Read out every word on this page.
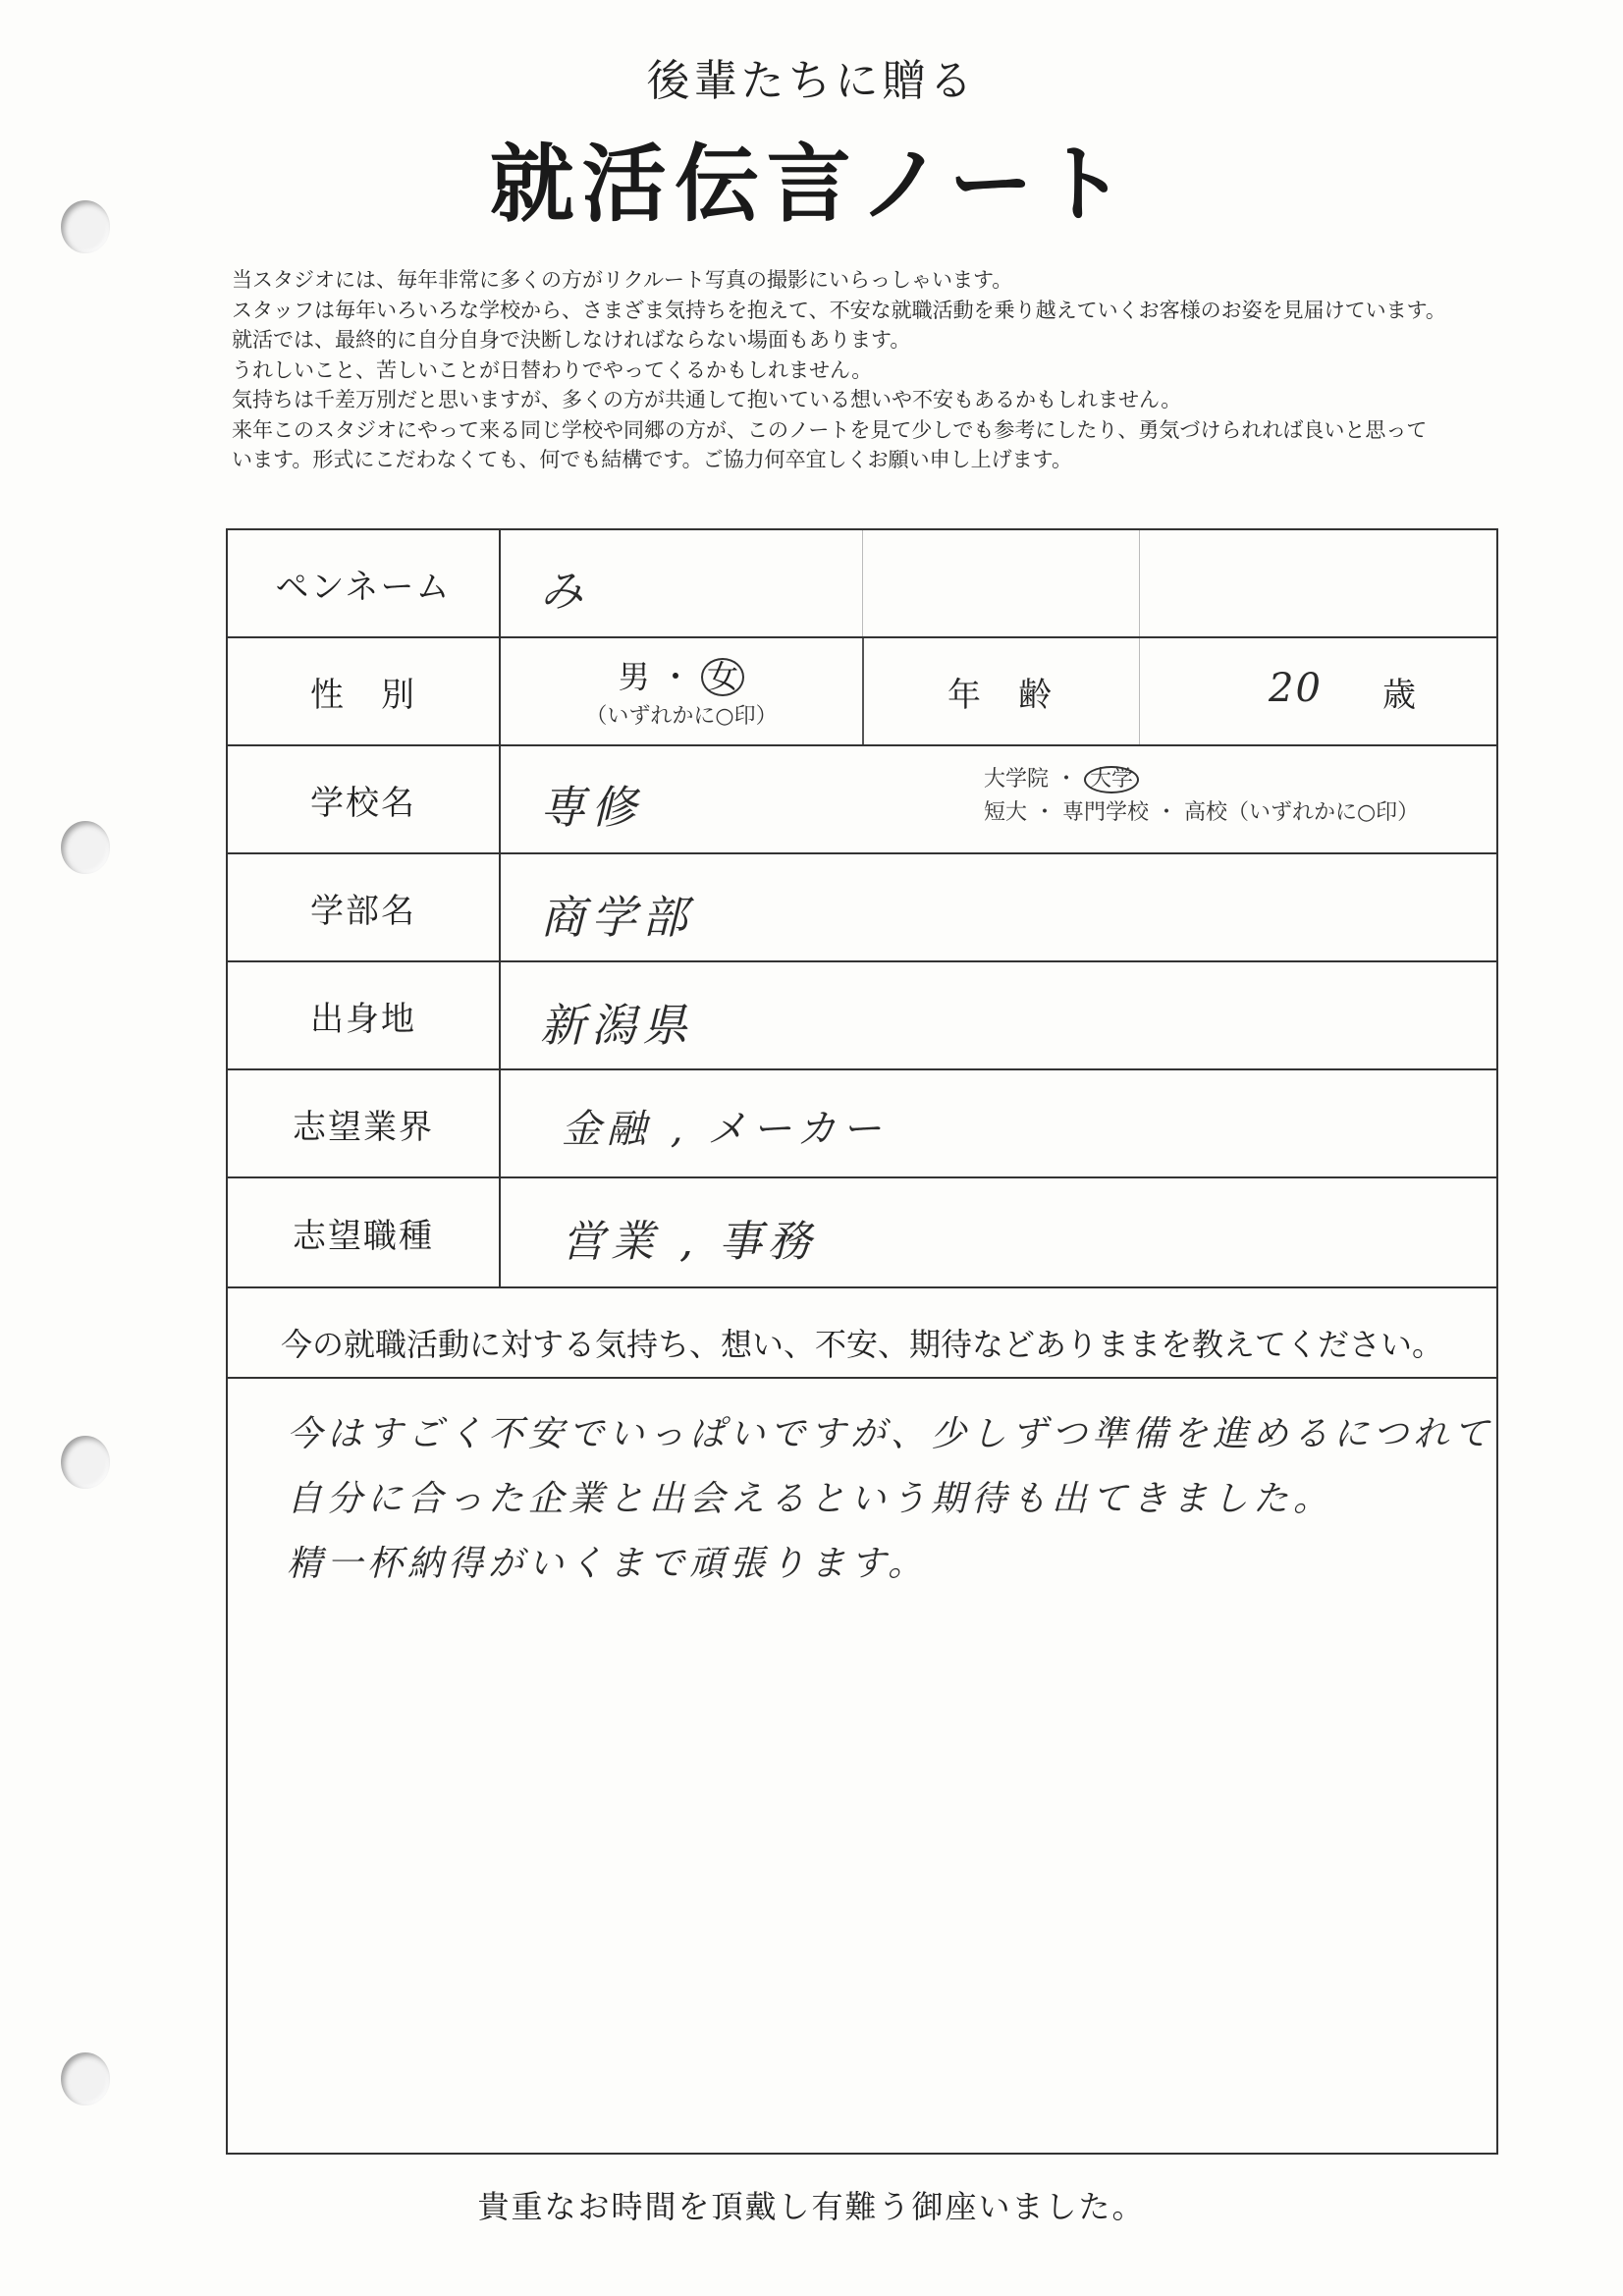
後輩たちに贈る
就活伝言ノート
当スタジオには、毎年非常に多くの方がリクルート写真の撮影にいらっしゃいます。
スタッフは毎年いろいろな学校から、さまざま気持ちを抱えて、不安な就職活動を乗り越えていくお客様のお姿を見届けています。
就活では、最終的に自分自身で決断しなければならない場面もあります。
うれしいこと、苦しいことが日替わりでやってくるかもしれません。
気持ちは千差万別だと思いますが、多くの方が共通して抱いている想いや不安もあるかもしれません。
来年このスタジオにやって来る同じ学校や同郷の方が、このノートを見て少しでも参考にしたり、勇気づけられれば良いと思って
います。形式にこだわなくても、何でも結構です。ご協力何卒宜しくお願い申し上げます。
ペンネーム	み
性　別	男 ・ 女
（いずれかに○印）
年　齢	20 歳
学校名	専修
大学院 ・ 大学
短大 ・ 専門学校 ・ 高校（いずれかに○印）
学部名	商学部
出身地	新潟県
志望業界	金融 , メーカー
志望職種	営業 , 事務
今の就職活動に対する気持ち、想い、不安、期待などありままを教えてください。
今はすごく不安でいっぱいですが、少しずつ準備を進めるにつれて
自分に合った企業と出会えるという期待も出てきました。
精一杯納得がいくまで頑張ります。
貴重なお時間を頂戴し有難う御座いました。
